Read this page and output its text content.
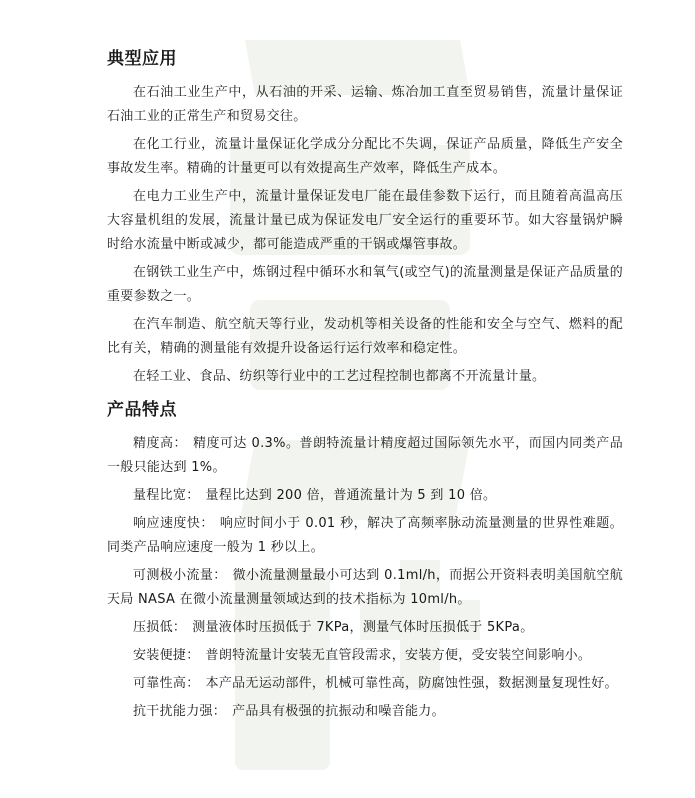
典型应用

在石油工业生产中，从石油的开采、运输、炼冶加工直至贸易销售，流量计量保证石油工业的正常生产和贸易交往。

在化工行业，流量计量保证化学成分分配比不失调，保证产品质量，降低生产安全事故发生率。精确的计量更可以有效提高生产效率，降低生产成本。

在电力工业生产中，流量计量保证发电厂能在最佳参数下运行，而且随着高温高压大容量机组的发展，流量计量已成为保证发电厂安全运行的重要环节。如大容量锅炉瞬时给水流量中断或减少，都可能造成严重的干锅或爆管事故。

在钢铁工业生产中，炼钢过程中循环水和氧气(或空气)的流量测量是保证产品质量的重要参数之一。

在汽车制造、航空航天等行业，发动机等相关设备的性能和安全与空气、燃料的配比有关，精确的测量能有效提升设备运行运行效率和稳定性。

在轻工业、食品、纺织等行业中的工艺过程控制也都离不开流量计量。

产品特点

精度高： 精度可达 0.3%。普朗特流量计精度超过国际领先水平，而国内同类产品一般只能达到 1%。

量程比宽： 量程比达到 200 倍，普通流量计为 5 到 10 倍。

响应速度快： 响应时间小于 0.01 秒，解决了高频率脉动流量测量的世界性难题。同类产品响应速度一般为 1 秒以上。

可测极小流量： 微小流量测量最小可达到 0.1ml/h，而据公开资料表明美国航空航天局 NASA 在微小流量测量领域达到的技术指标为 10ml/h。

压损低： 测量液体时压损低于 7KPa，测量气体时压损低于 5KPa。

安装便捷： 普朗特流量计安装无直管段需求，安装方便，受安装空间影响小。

可靠性高： 本产品无运动部件，机械可靠性高，防腐蚀性强，数据测量复现性好。

抗干扰能力强： 产品具有极强的抗振动和噪音能力。
